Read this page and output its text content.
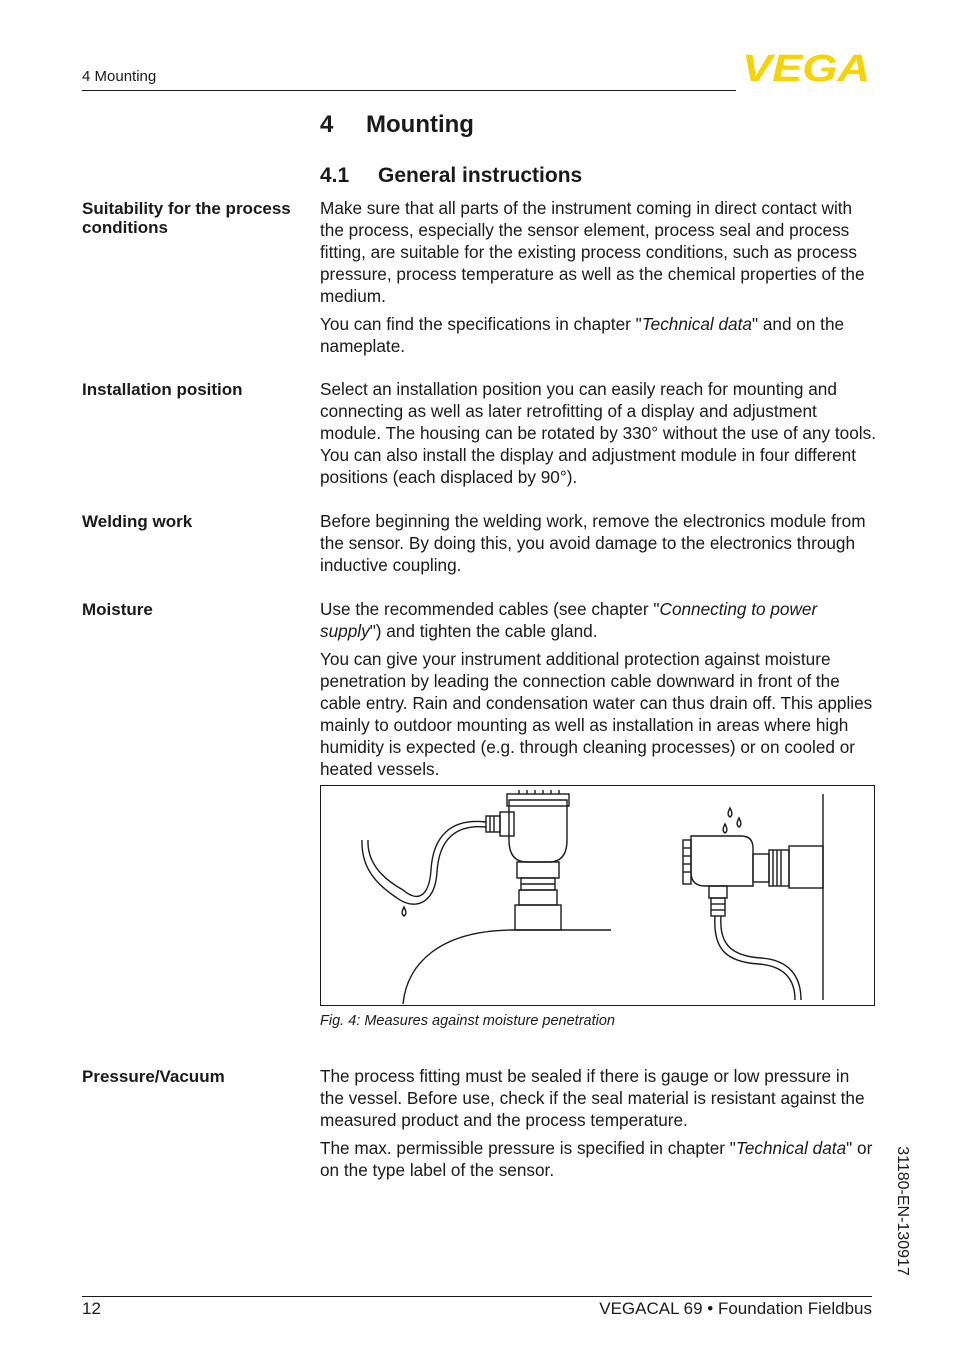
4 Mounting	VEGA
4 Mounting
4.1 General instructions
Suitability for the process conditions

Make sure that all parts of the instrument coming in direct contact with the process, especially the sensor element, process seal and process fitting, are suitable for the existing process conditions, such as process pressure, process temperature as well as the chemical properties of the medium.

You can find the specifications in chapter "Technical data" and on the nameplate.

Installation position	Select an installation position you can easily reach for mounting and connecting as well as later retrofitting of a display and adjustment module. The housing can be rotated by 330° without the use of any tools. You can also install the display and adjustment module in four different positions (each displaced by 90°).

Welding work	Before beginning the welding work, remove the electronics module from the sensor. By doing this, you avoid damage to the electronics through inductive coupling.

Moisture	Use the recommended cables (see chapter "Connecting to power supply") and tighten the cable gland.

You can give your instrument additional protection against moisture penetration by leading the connection cable downward in front of the cable entry. Rain and condensation water can thus drain off. This applies mainly to outdoor mounting as well as installation in areas where high humidity is expected (e.g. through cleaning processes) or on cooled or heated vessels.

Fig. 4: Measures against moisture penetration
Pressure/Vacuum	The process fitting must be sealed if there is gauge or low pressure in the vessel. Before use, check if the seal material is resistant against the measured product and the process temperature.

The max. permissible pressure is specified in chapter "Technical data" or on the type label of the sensor.	31180-EN-130917
12	VEGACAL 69 • Foundation Fieldbus
